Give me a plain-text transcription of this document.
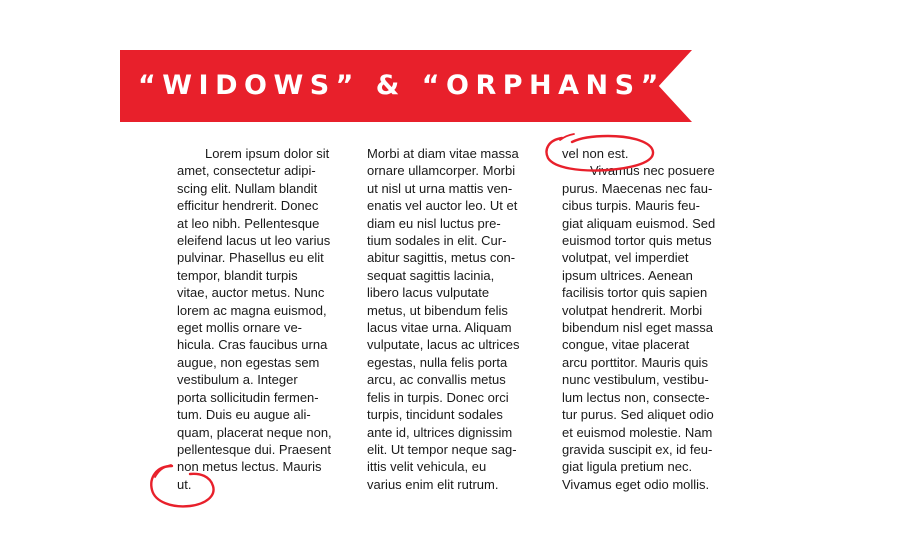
“WIDOWS” & “ORPHANS”
Lorem ipsum dolor sit
amet, consectetur adipi-
scing elit. Nullam blandit
efficitur hendrerit. Donec
at leo nibh. Pellentesque
eleifend lacus ut leo varius
pulvinar. Phasellus eu elit
tempor, blandit turpis
vitae, auctor metus. Nunc
lorem ac magna euismod,
eget mollis ornare ve-
hicula. Cras faucibus urna
augue, non egestas sem
vestibulum a. Integer
porta sollicitudin fermen-
tum. Duis eu augue ali-
quam, placerat neque non,
pellentesque dui. Praesent
non metus lectus. Mauris
ut.
Morbi at diam vitae massa
ornare ullamcorper. Morbi
ut nisl ut urna mattis ven-
enatis vel auctor leo. Ut et
diam eu nisl luctus pre-
tium sodales in elit. Cur-
abitur sagittis, metus con-
sequat sagittis lacinia,
libero lacus vulputate
metus, ut bibendum felis
lacus vitae urna. Aliquam
vulputate, lacus ac ultrices
egestas, nulla felis porta
arcu, ac convallis metus
felis in turpis. Donec orci
turpis, tincidunt sodales
ante id, ultrices dignissim
elit. Ut tempor neque sag-
ittis velit vehicula, eu
varius enim elit rutrum.
vel non est.
Vivamus nec posuere
purus. Maecenas nec fau-
cibus turpis. Mauris feu-
giat aliquam euismod. Sed
euismod tortor quis metus
volutpat, vel imperdiet
ipsum ultrices. Aenean
facilisis tortor quis sapien
volutpat hendrerit. Morbi
bibendum nisl eget massa
congue, vitae placerat
arcu porttitor. Mauris quis
nunc vestibulum, vestibu-
lum lectus non, consecte-
tur purus. Sed aliquet odio
et euismod molestie. Nam
gravida suscipit ex, id feu-
giat ligula pretium nec.
Vivamus eget odio mollis.
